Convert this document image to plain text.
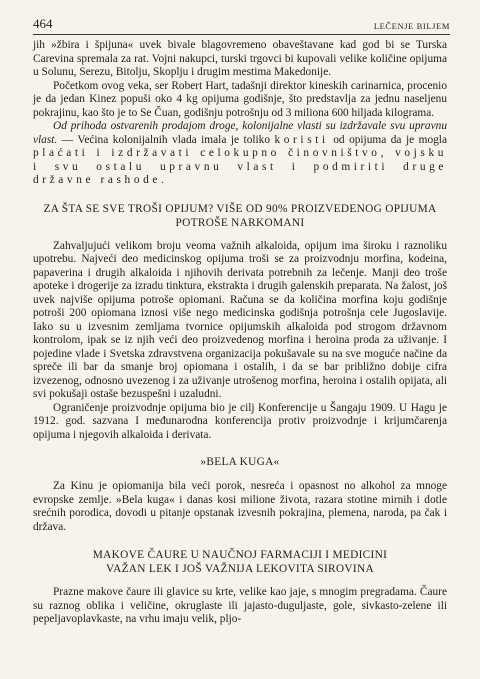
464	LEČENJE BILJEM

jih »žbira i špijuna« uvek bivale blagovremeno obaveštavane kad god bi se Turska Carevina spremala za rat. Vojni nakupci, turski trgovci bi kupovali velike količine opijuma u Solunu, Serezu, Bitolju, Skoplju i drugim mestima Makedonije.

Početkom ovog veka, ser Robert Hart, tadašnji direktor kineskih carinarnica, procenio je da jedan Kinez popuši oko 4 kg opijuma godišnje, što predstavlja za jednu naseljenu pokrajinu, kao što je to Se Čuan, godišnju potrošnju od 3 miliona 600 hiljada kilograma.

Od prihoda ostvarenih prodajom droge, kolonijalne vlasti su izdržavale svu upravnu vlast. — Većina kolonijalnih vlada imala je toliko koristi od opijuma da je mogla plaćati i izdržavati celokupno činovništvo, vojsku i svu ostalu upravnu vlast i podmiriti druge državne rashode.

ZA ŠTA SE SVE TROŠI OPIJUM? VIŠE OD 90% PROIZVEDENOG OPIJUMA POTROŠE NARKOMANI

Zahvaljujući velikom broju veoma važnih alkaloida, opijum ima široku i raznoliku upotrebu. Najveći deo medicinskog opijuma troši se za proizvodnju morfina, kodeina, papaverina i drugih alkaloida i njihovih derivata potrebnih za lečenje. Manji deo troše apoteke i drogerije za izradu tinktura, ekstrakta i drugih galenskih preparata. Na žalost, još uvek najviše opijuma potroše opiomani. Računa se da količina morfina koju godišnje potroši 200 opiomana iznosi više nego medicinska godišnja potrošnja cele Jugoslavije. Iako su u izvesnim zemljama tvornice opijumskih alkaloida pod strogom državnom kontrolom, ipak se iz njih veći deo proizvedenog morfina i heroina proda za uživanje. I pojedine vlade i Svetska zdravstvena organizacija pokušavale su na sve moguće načine da spreče ili bar da smanje broj opiomana i ostalih, i da se bar približno dobije cifra izvezenog, odnosno uvezenog i za uživanje utrošenog morfina, heroina i ostalih opijata, ali svi pokušaji ostaše bezuspešni i uzaludni.

Ograničenje proizvodnje opijuma bio je cilj Konferencije u Šangaju 1909. U Hagu je 1912. god. sazvana I međunarodna konferencija protiv proizvodnje i krijumčarenja opijuma i njegovih alkaloida i derivata.

»BELA KUGA«

Za Kinu je opiomanija bila veći porok, nesreća i opasnost no alkohol za mnoge evropske zemlje. »Bela kuga« i danas kosi milione života, razara stotine mirnih i dotle srećnih porodica, dovodi u pitanje opstanak izvesnih pokrajina, plemena, naroda, pa čak i država.

MAKOVE ČAURE U NAUČNOJ FARMACIJI I MEDICINI
VAŽAN LEK I JOŠ VAŽNIJA LEKOVITA SIROVINA

Prazne makove čaure ili glavice su krte, velike kao jaje, s mnogim pregradama. Čaure su raznog oblika i veličine, okruglaste ili jajasto-duguljaste, gole, sivkasto-zelene ili pepeljavoplavkaste, na vrhu imaju velik, pljo-
